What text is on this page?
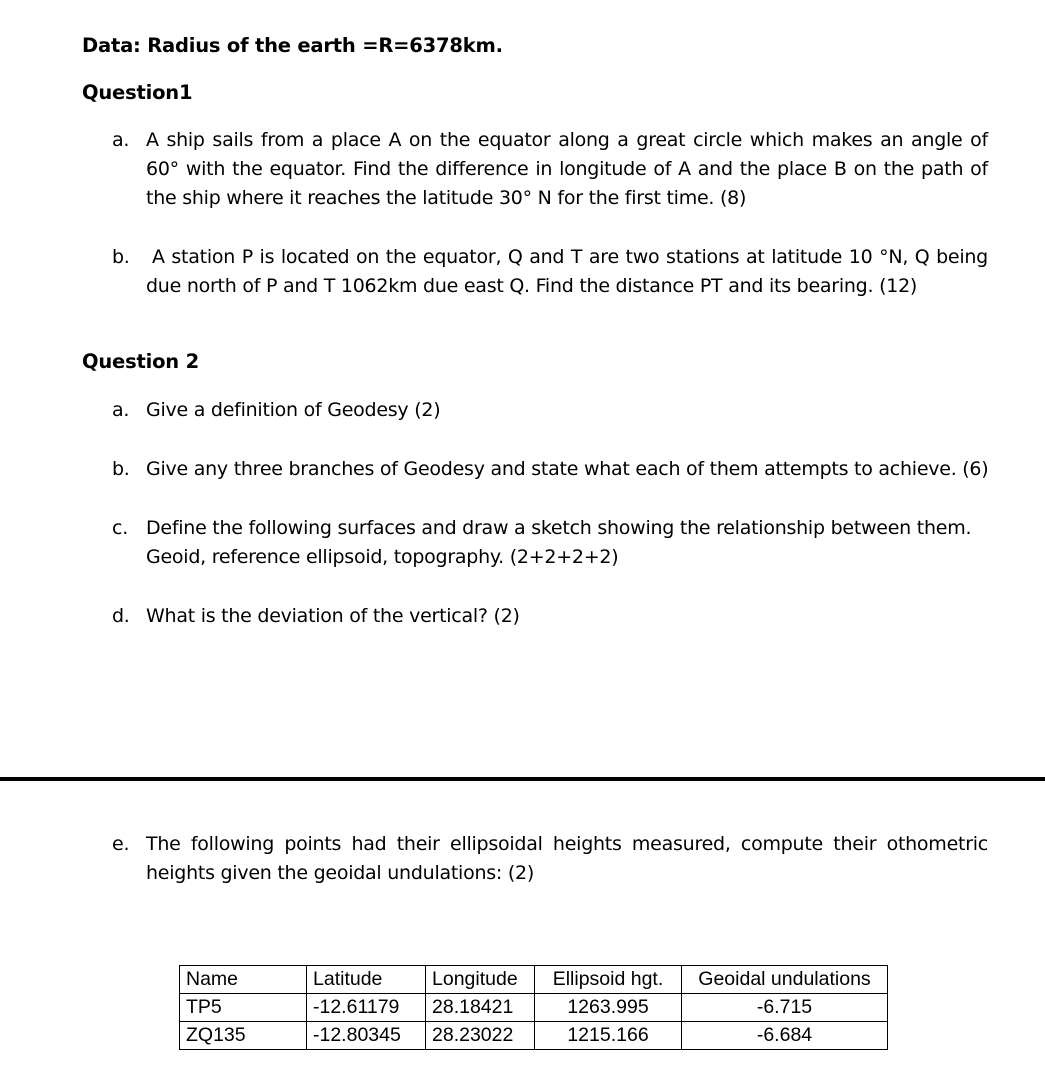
Data: Radius of the earth =R=6378km.
Question1
a. A ship sails from a place A on the equator along a great circle which makes an angle of
60° with the equator. Find the difference in longitude of A and the place B on the path of
the ship where it reaches the latitude 30° N for the first time. (8)
b.	A station P is located on the equator, Q and T are two stations at latitude 10 °N, Q being
due north of P and T 1062km due east Q. Find the distance PT and its bearing. (12)
Question 2
a. Give a definition of Geodesy (2)
b. Give any three branches of Geodesy and state what each of them attempts to achieve. (6)
c. Define the following surfaces and draw a sketch showing the relationship between them.
Geoid, reference ellipsoid, topography. (2+2+2+2)
d. What is the deviation of the vertical? (2)
e. The following points had their ellipsoidal heights measured, compute their othometric
heights given the geoidal undulations: (2)
Name	Latitude	Longitude	Ellipsoid hgt.	Geoidal undulations
TP5	-12.61179	28.18421	1263.995	-6.715
ZQ135	-12.80345	28.23022	1215.166	-6.684
